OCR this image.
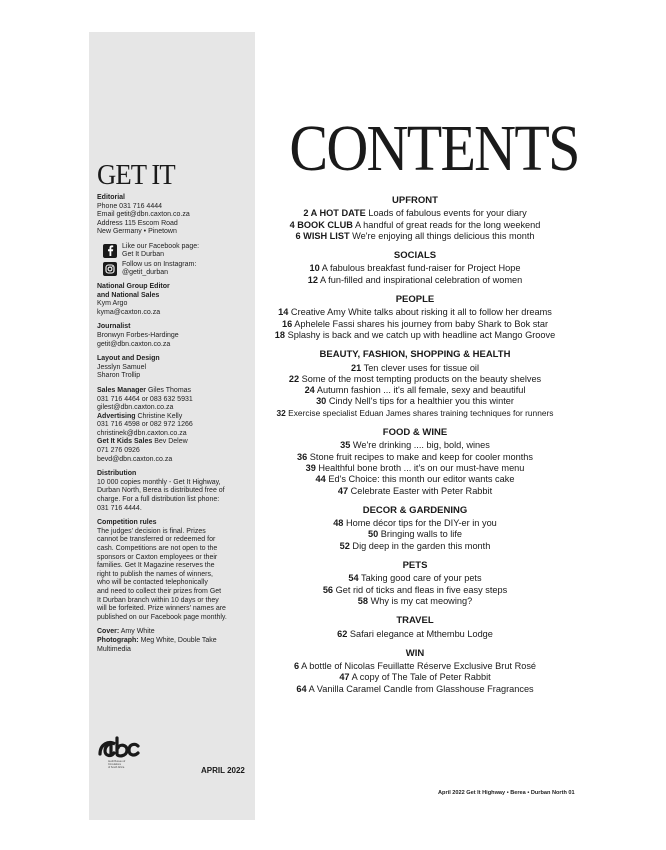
GET IT
Editorial
Phone 031 716 4444
Email getit@dbn.caxton.co.za
Address 115 Escom Road
New Germany • Pinetown
Like our Facebook page:
Get It Durban
Follow us on Instagram:
@getit_durban
National Group Editor
and National Sales
Kym Argo
kyma@caxton.co.za
Journalist
Bronwyn Forbes-Hardinge
getit@dbn.caxton.co.za
Layout and Design
Jesslyn Samuel
Sharon Trollip
Sales Manager Giles Thomas
031 716 4464 or 083 632 5931
gilest@dbn.caxton.co.za
Advertising Christine Kelly
031 716 4598 or 082 972 1266
christinek@dbn.caxton.co.za
Get It Kids Sales Bev Delew
071 276 0926
bevd@dbn.caxton.co.za
Distribution
10 000 copies monthly - Get It Highway,
Durban North, Berea is distributed free of
charge. For a full distribution list phone:
031 716 4444.
Competition rules
The judges' decision is final. Prizes
cannot be transferred or redeemed for
cash. Competitions are not open to the
sponsors or Caxton employees or their
families. Get It Magazine reserves the
right to publish the names of winners,
who will be contacted telephonically
and need to collect their prizes from Get
It Durban branch within 10 days or they
will be forfeited. Prize winners' names are
published on our Facebook page monthly.
Cover: Amy White
Photograph: Meg White, Double Take
Multimedia
Audit Bureau of Circulations
of South Africa	APRIL 2022
CONTENTS
UPFRONT
2 A HOT DATE Loads of fabulous events for your diary
4 BOOK CLUB A handful of great reads for the long weekend
6 WISH LIST We're enjoying all things delicious this month
SOCIALS
10 A fabulous breakfast fund-raiser for Project Hope
12 A fun-filled and inspirational celebration of women
PEOPLE
14 Creative Amy White talks about risking it all to follow her dreams
16 Aphelele Fassi shares his journey from baby Shark to Bok star
18 Splashy is back and we catch up with headline act Mango Groove
BEAUTY, FASHION, SHOPPING & HEALTH
21 Ten clever uses for tissue oil
22 Some of the most tempting products on the beauty shelves
24 Autumn fashion ... it's all female, sexy and beautiful
30 Cindy Nell's tips for a healthier you this winter
32 Exercise specialist Eduan James shares training techniques for runners
FOOD & WINE
35 We're drinking .... big, bold, wines
36 Stone fruit recipes to make and keep for cooler months
39 Healthful bone broth ... it's on our must-have menu
44 Ed's Choice: this month our editor wants cake
47 Celebrate Easter with Peter Rabbit
DECOR & GARDENING
48 Home décor tips for the DIY-er in you
50 Bringing walls to life
52 Dig deep in the garden this month
PETS
54 Taking good care of your pets
56 Get rid of ticks and fleas in five easy steps
58 Why is my cat meowing?
TRAVEL
62 Safari elegance at Mthembu Lodge
WIN
6 A bottle of Nicolas Feuillatte Réserve Exclusive Brut Rosé
47 A copy of The Tale of Peter Rabbit
64 A Vanilla Caramel Candle from Glasshouse Fragrances
April 2022 Get It Highway • Berea • Durban North 01
